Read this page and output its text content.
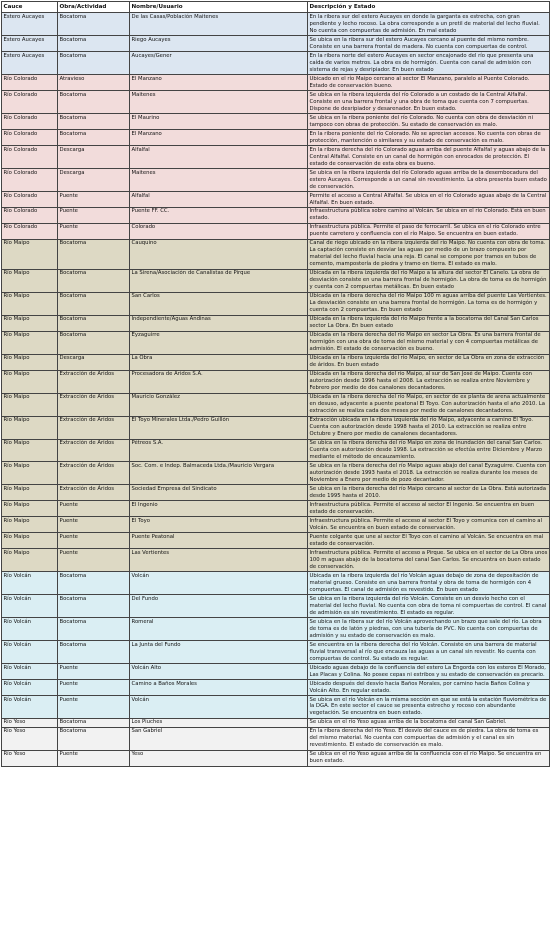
Cauce	Obra/Actividad	Nombre/Usuario	Descripción y Estado
Estero Aucayes	Bocatoma	De las Casas/Población Maitenes	En la ribera sur del estero Aucayes en donde la garganta es estrecha, con gran pendiente y lecho rocoso. La obra corresponde a un pretil de material del lecho fluvial. No cuenta con compuertas de admisión. En mal estado
Estero Aucayes	Bocatoma	Riego Aucayes	Se ubica en la ribera sur del estero Aucayes cercano al puente del mismo nombre. Consiste en una barrera frontal de madera. No cuenta con compuertas de control.
Estero Aucayes	Bocatoma	Aucayes/Gener	En la ribera norte del estero Aucayes en sector encajonado del río que presenta una caída de varios metros. La obra es de hormigón. Cuenta con canal de admisión con sistema de rejas y desripiador. En buen estado
Río Colorado	Atravieso	El Manzano	Ubicado en el río Maipo cercano al sector El Manzano, paralelo al Puente Colorado. Estado de conservación bueno.
Río Colorado	Bocatoma	Maitenes	Se ubica en la ribera izquierda del río Colorado a un costado de la Central Alfalfal. Consiste en una barrera frontal y una obra de toma que cuenta con 7 compuertas. Dispone de desripiador y desarenador. En buen estado.
Río Colorado	Bocatoma	El Maurino	Se ubica en la ribera poniente del río Colorado. No cuenta con obra de desviación ni tampoco con obras de protección. Su estado de conservación es malo.
Río Colorado	Bocatoma	El Manzano	En la ribera poniente del río Colorado. No se aprecian accesos. No cuenta con obras de protección, mantención o similares y su estado de conservación es malo.
Río Colorado	Descarga	Alfalfal	En la ribera derecha del río Colorado aguas arriba del puente Alfalfal y aguas abajo de la Central Alfalfal. Consiste en un canal de hormigón con enrocados de protección. El estado de conservación de esta obra es bueno.
Río Colorado	Descarga	Maitenes	Se ubica en la ribera izquierda del río Colorado aguas arriba de la desembocadura del estero Aucayes. Corresponde a un canal sin revestimiento. La obra presenta buen estado de conservación.
Río Colorado	Puente	Alfalfal	Permite el acceso a Central Alfalfal. Se ubica en el río Colorado aguas abajo de la Central Alfalfal. En buen estado.
Río Colorado	Puente	Puente FF. CC.	Infraestructura pública sobre camino al Volcán. Se ubica en el río Colorado. Está en buen estado.
Río Colorado	Puente	Colorado	Infraestructura pública. Permite el paso de ferrocarril. Se ubica en el río Colorado entre puente carretero y confluencia con el río Maipo. Se encuentra en buen estado.
Río Maipo	Bocatoma	Cauquino	Canal de riego ubicado en la ribera izquierda del río Maipo. No cuenta con obra de toma. La captación consiste en desviar las aguas por medio de un brazo compuesto por material del lecho fluvial hacia una reja. El canal se compone por tramos en tubos de cemento, mampostería de piedra y tramo en tierra. El estado es malo.
Río Maipo	Bocatoma	La Sirena/Asociación de Canalistas de Pirque	Ubicada en la ribera izquierda del río Maipo a la altura del sector El Canelo. La obra de desviación consiste en una barrera frontal de hormigón. La obra de toma es de hormigón y cuenta con 2 compuertas metálicas. En buen estado
Río Maipo	Bocatoma	San Carlos	Ubicada en la ribera derecha del río Maipo 100 m aguas arriba del puente Las Vertientes. La desviación consiste en una barrera frontal de hormigón. La toma es de hormigón y cuenta con 2 compuertas. En buen estado
Río Maipo	Bocatoma	Independiente/Aguas Andinas	Ubicada en la ribera izquierda del río Maipo frente a la bocatoma del Canal San Carlos sector La Obra. En buen estado
Río Maipo	Bocatoma	Eyzaguirre	Ubicada en la ribera derecha del río Maipo en sector La Obra. Es una barrera frontal de hormigón con una obra de toma del mismo material y con 4 compuertas metálicas de admisión. El estado de conservación es bueno.
Río Maipo	Descarga	La Obra	Ubicada en la ribera izquierda del río Maipo, en sector de La Obra en zona de extracción de áridos. En buen estado
Río Maipo	Extracción de Áridos	Procesadora de Áridos S.A.	Ubicada en la ribera derecha del río Maipo, al sur de San José de Maipo. Cuenta con autorización desde 1996 hasta el 2008. La extracción se realiza entre Noviembre y Febrero por medio de dos canalones decantadores.
Río Maipo	Extracción de Áridos	Mauricio González	Ubicada en la ribera derecha del río Maipo, en sector de ex planta de arena actualmente en desuso, adyacente a puente peatonal El Toyo. Con autorización hasta el año 2010. La extracción se realiza cada dos meses por medio de canalones decantadores.
Río Maipo	Extracción de Áridos	El Toyo Minerales Ltda./Pedro Guillón	Extracción ubicada en la ribera izquierda del río Maipo, adyacente a camino El Toyo. Cuenta con autorización desde 1998 hasta el 2010. La extracción se realiza entre Octubre y Enero por medio de canalones decantadores.
Río Maipo	Extracción de Áridos	Pétreos S.A.	Se ubica en la ribera derecha del río Maipo en zona de inundación del canal San Carlos. Cuenta con autorización desde 1998. La extracción se efectúa entre Diciembre y Marzo mediante el método de encauzamiento.
Río Maipo	Extracción de Áridos	Soc. Com. e Indep. Balmaceda Ltda./Mauricio Vergara	Se ubica en la ribera derecha del río Maipo aguas abajo del canal Eyzaguirre. Cuenta con autorización desde 1993 hasta el 2018. La extracción se realiza durante los meses de Noviembre a Enero por medio de pozo decantador.
Río Maipo	Extracción de Áridos	Sociedad Empresa del Sindicato	Se ubica en la ribera derecha del río Maipo cercano al sector de La Obra. Está autorizada desde 1995 hasta el 2010.
Río Maipo	Puente	El Ingenio	Infraestructura pública. Permite el acceso al sector El Ingenio. Se encuentra en buen estado de conservación.
Río Maipo	Puente	El Toyo	Infraestructura pública. Permite el acceso al sector El Toyo y comunica con el camino al Volcán. Se encuentra en buen estado de conservación.
Río Maipo	Puente	Puente Peatonal	Puente colgante que une al sector El Toyo con el camino al Volcán. Se encuentra en mal estado de conservación.
Río Maipo	Puente	Las Vertientes	Infraestructura pública. Permite el acceso a Pirque. Se ubica en el sector de La Obra unos 100 m aguas abajo de la bocatoma del canal San Carlos. Se encuentra en buen estado de conservación.
Río Volcán	Bocatoma	Volcán	Ubicada en la ribera izquierda del río Volcán aguas debajo de zona de depositación de material grueso. Consiste en una barrera frontal y obra de toma de hormigón con 4 compuertas. El canal de admisión es revestido. En buen estado
Río Volcán	Bocatoma	Del Fundo	Se ubica en la ribera izquierda del río Volcán. Consiste en un desvío hecho con el material del lecho fluvial. No cuenta con obra de toma ni compuertas de control. El canal de admisión es sin revestimiento. El estado es regular.
Río Volcán	Bocatoma	Romeral	Se ubica en la ribera sur del río Volcán aprovechando un brazo que sale del río. La obra de toma es de latón y piedras, con una tubería de PVC. No cuenta con compuertas de admisión y su estado de conservación es malo.
Río Volcán	Bocatoma	La Junta del Fundo	Se encuentra en la ribera derecha del río Volcán. Consiste en una barrera de material fluvial transversal al río que encauza las aguas a un canal sin revestir. No cuenta con compuertas de control. Su estado es regular.
Río Volcán	Puente	Volcán Alto	Ubicado aguas debajo de la confluencia del estero La Engorda con los esteros El Morado, Las Placas y Colina. No posee cepas ni estribos y su estado de conservación es precario.
Río Volcán	Puente	Camino a Baños Morales	Ubicado después del desvío hacia Baños Morales, por camino hacia Baños Colina y Volcán Alto. En regular estado.
Río Volcán	Puente	Volcán	Se ubica en el río Volcán en la misma sección en que se está la estación fluviométrica de la DGA. En este sector el cauce se presenta estrecho y rocoso con abundante vegetación. Se encuentra en buen estado.
Río Yeso	Bocatoma	Los Piuches	Se ubica en el río Yeso aguas arriba de la bocatoma del canal San Gabriel.
Río Yeso	Bocatoma	San Gabriel	En la ribera derecha del río Yeso. El desvío del cauce es de piedra. La obra de toma es del mismo material. No cuenta con compuertas de admisión y el canal es sin revestimiento. El estado de conservación es malo.
Río Yeso	Puente	Yeso	Se ubica en el río Yeso aguas arriba de la confluencia con el río Maipo. Se encuentra en buen estado.
